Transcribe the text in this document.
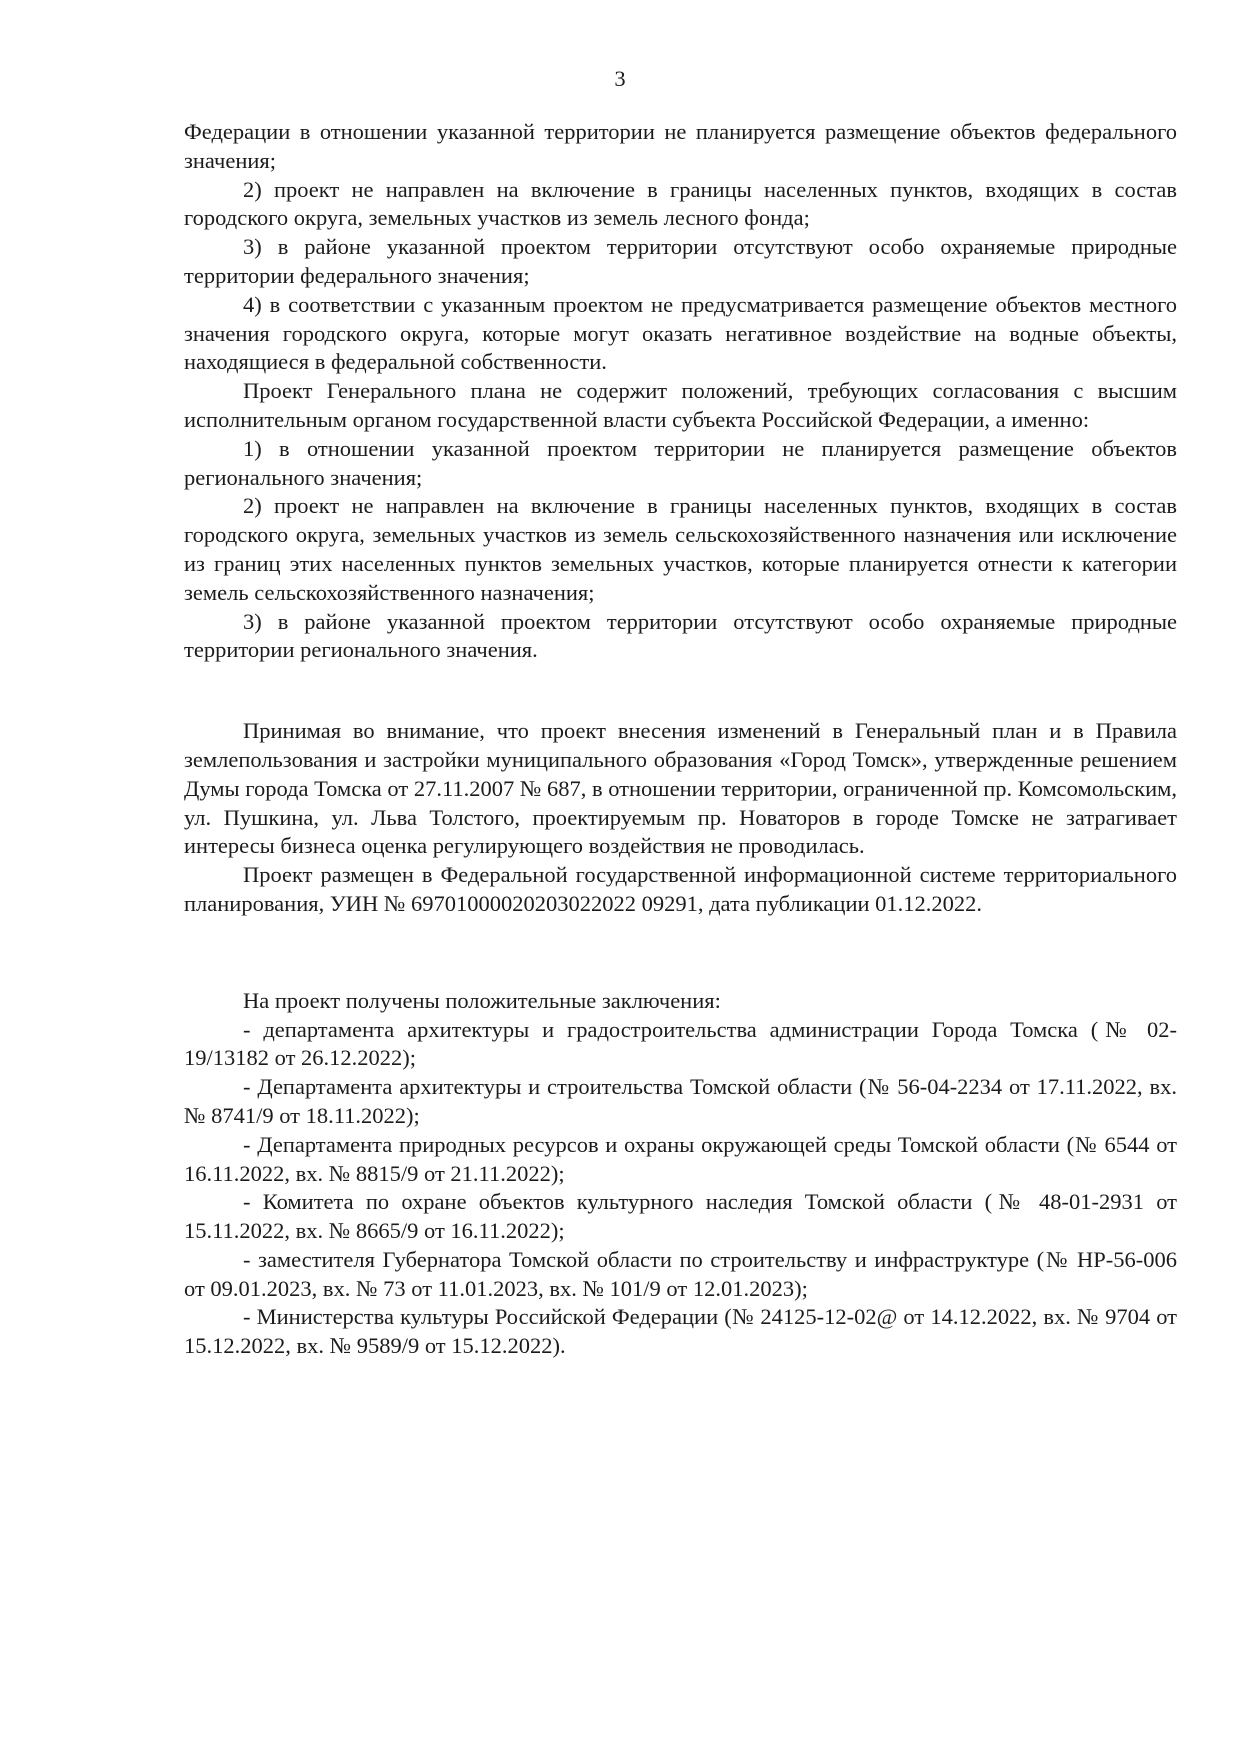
3

Федерации в отношении указанной территории не планируется размещение объектов федерального значения;

2) проект не направлен на включение в границы населенных пунктов, входящих в состав городского округа, земельных участков из земель лесного фонда;

3) в районе указанной проектом территории отсутствуют особо охраняемые природные территории федерального значения;

4) в соответствии с указанным проектом не предусматривается размещение объектов местного значения городского округа, которые могут оказать негативное воздействие на водные объекты, находящиеся в федеральной собственности.

Проект Генерального плана не содержит положений, требующих согласования с высшим исполнительным органом государственной власти субъекта Российской Федерации, а именно:

1) в отношении указанной проектом территории не планируется размещение объектов регионального значения;

2) проект не направлен на включение в границы населенных пунктов, входящих в состав городского округа, земельных участков из земель сельскохозяйственного назначения или исключение из границ этих населенных пунктов земельных участков, которые планируется отнести к категории земель сельскохозяйственного назначения;

3) в районе указанной проектом территории отсутствуют особо охраняемые природные территории регионального значения.

Принимая во внимание, что проект внесения изменений в Генеральный план и в Правила землепользования и застройки муниципального образования «Город Томск», утвержденные решением Думы города Томска от 27.11.2007 № 687, в отношении территории, ограниченной пр. Комсомольским, ул. Пушкина, ул. Льва Толстого, проектируемым пр. Новаторов в городе Томске не затрагивает интересы бизнеса оценка регулирующего воздействия не проводилась.

Проект размещен в Федеральной государственной информационной системе территориального планирования, УИН № 69701000020203022022 09291, дата публикации 01.12.2022.

На проект получены положительные заключения:

- департамента архитектуры и градостроительства администрации Города Томска (№ 02-19/13182 от 26.12.2022);

- Департамента архитектуры и строительства Томской области (№ 56-04-2234 от 17.11.2022, вх. № 8741/9 от 18.11.2022);

- Департамента природных ресурсов и охраны окружающей среды Томской области (№ 6544 от 16.11.2022, вх. № 8815/9 от 21.11.2022);

- Комитета по охране объектов культурного наследия Томской области (№ 48-01-2931 от 15.11.2022, вх. № 8665/9 от 16.11.2022);

- заместителя Губернатора Томской области по строительству и инфраструктуре (№ НР-56-006 от 09.01.2023, вх. № 73 от 11.01.2023, вх. № 101/9 от 12.01.2023);

- Министерства культуры Российской Федерации (№ 24125-12-02@ от 14.12.2022, вх. № 9704 от 15.12.2022, вх. № 9589/9 от 15.12.2022).
